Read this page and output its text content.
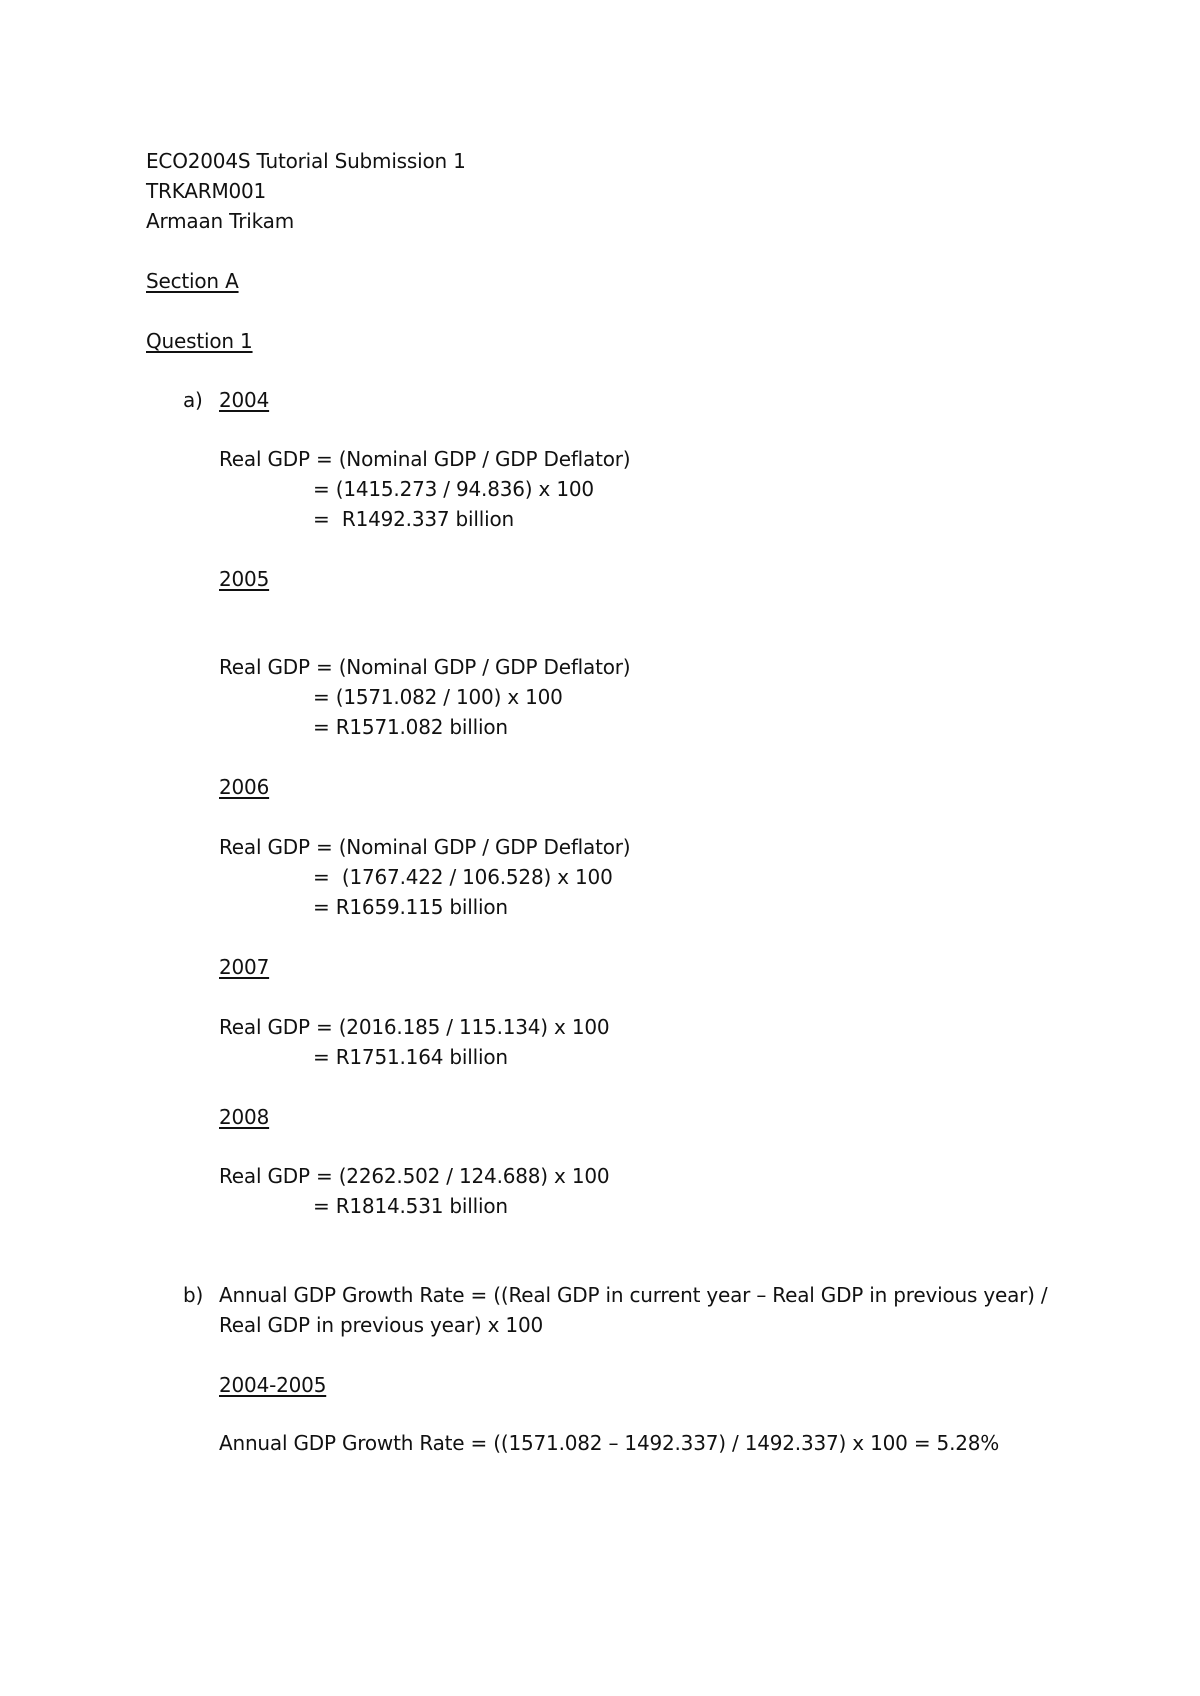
ECO2004S Tutorial Submission 1
TRKARM001
Armaan Trikam
Section A
Question 1
a) 2004
Real GDP = (Nominal GDP / GDP Deflator)
= (1415.273 / 94.836) x 100
=  R1492.337 billion
2005
Real GDP = (Nominal GDP / GDP Deflator)
= (1571.082 / 100) x 100
= R1571.082 billion
2006
Real GDP = (Nominal GDP / GDP Deflator)
=  (1767.422 / 106.528) x 100
= R1659.115 billion
2007
Real GDP = (2016.185 / 115.134) x 100
= R1751.164 billion
2008
Real GDP = (2262.502 / 124.688) x 100
= R1814.531 billion
b) Annual GDP Growth Rate = ((Real GDP in current year – Real GDP in previous year) /
Real GDP in previous year) x 100
2004-2005
Annual GDP Growth Rate = ((1571.082 – 1492.337) / 1492.337) x 100 = 5.28%
